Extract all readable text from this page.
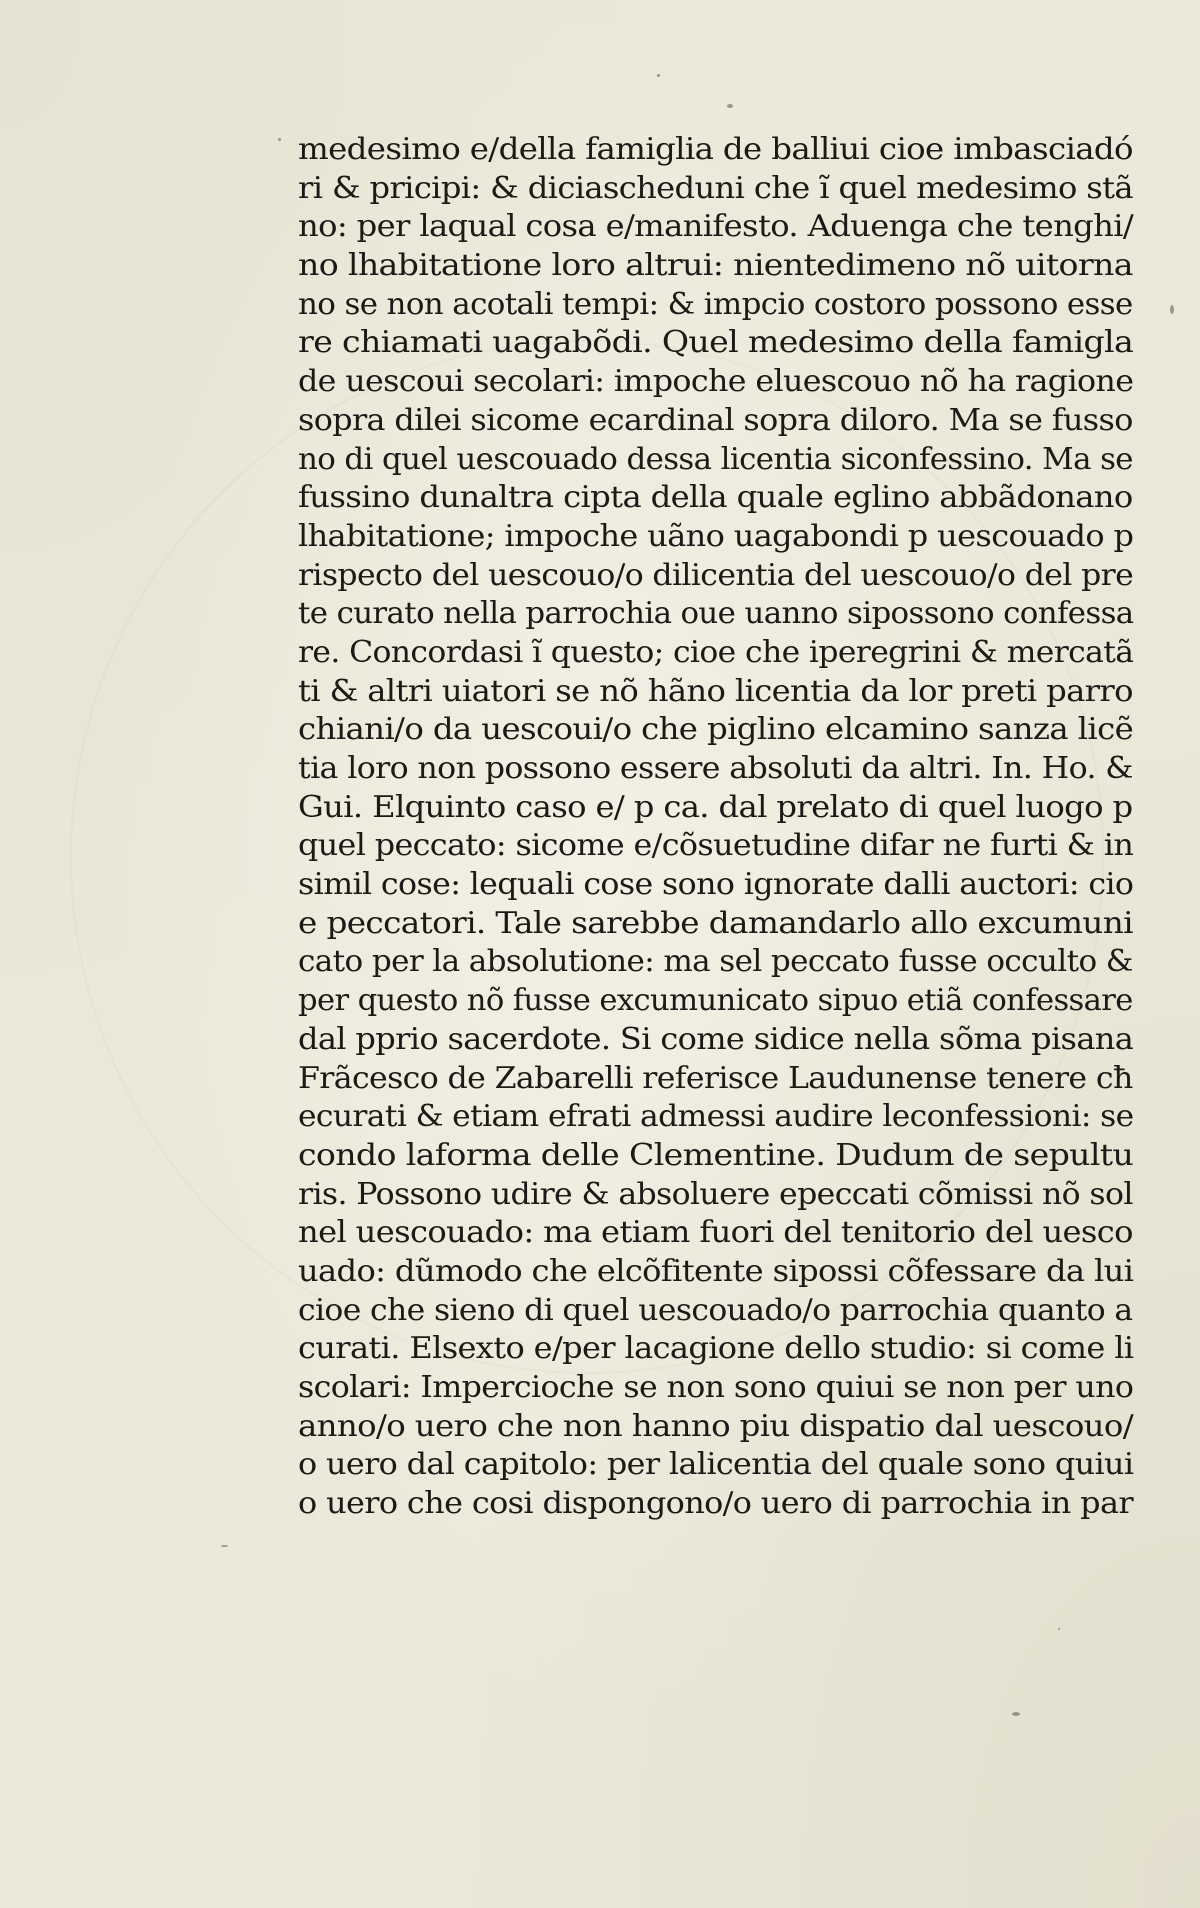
medesimo e/della famiglia de balliui cioe imbasciadó
ri & pricipi: & diciascheduni che ĩ quel medesimo stã
no: per laqual cosa e/manifesto. Aduenga che tenghi/
no lhabitatione loro altrui: nientedimeno nõ uitorna
no se non acotali tempi: & impcio costoro possono esse
re chiamati uagabõdi. Quel medesimo della famigla
de uescoui secolari: impoche eluescouo nõ ha ragione
sopra dilei sicome ecardinal sopra diloro. Ma se fusso
no di quel uescouado dessa licentia siconfessino. Ma se
fussino dunaltra cipta della quale eglino abbãdonano
lhabitatione; impoche uãno uagabondi p uescouado p
rispecto del uescouo/o dilicentia del uescouo/o del pre
te curato nella parrochia oue uanno sipossono confessa
re. Concordasi ĩ questo; cioe che iperegrini & mercatã
ti & altri uiatori se nõ hãno licentia da lor preti parro
chiani/o da uescoui/o che piglino elcamino sanza licẽ
tia loro non possono essere absoluti da altri. In. Ho. &
Gui. Elquinto caso e/ p ca. dal prelato di quel luogo p
quel peccato: sicome e/cõsuetudine difar ne furti & in
simil cose: lequali cose sono ignorate dalli auctori: cio
e peccatori. Tale sarebbe damandarlo allo excumuni
cato per la absolutione: ma sel peccato fusse occulto &
per questo nõ fusse excumunicato sipuo etiã confessare
dal pprio sacerdote. Si come sidice nella sõma pisana
Frãcesco de Zabarelli referisce Laudunense tenere cħ
ecurati & etiam efrati admessi audire leconfessioni: se
condo laforma delle Clementine. Dudum de sepultu
ris. Possono udire & absoluere epeccati cõmissi nõ sol
nel uescouado: ma etiam fuori del tenitorio del uesco
uado: dũmodo che elcõfitente sipossi cõfessare da lui
cioe che sieno di quel uescouado/o parrochia quanto a
curati. Elsexto e/per lacagione dello studio: si come li
scolari: Impercioche se non sono quiui se non per uno
anno/o uero che non hanno piu dispatio dal uescouo/
o uero dal capitolo: per lalicentia del quale sono quiui
o uero che cosi dispongono/o uero di parrochia in par
